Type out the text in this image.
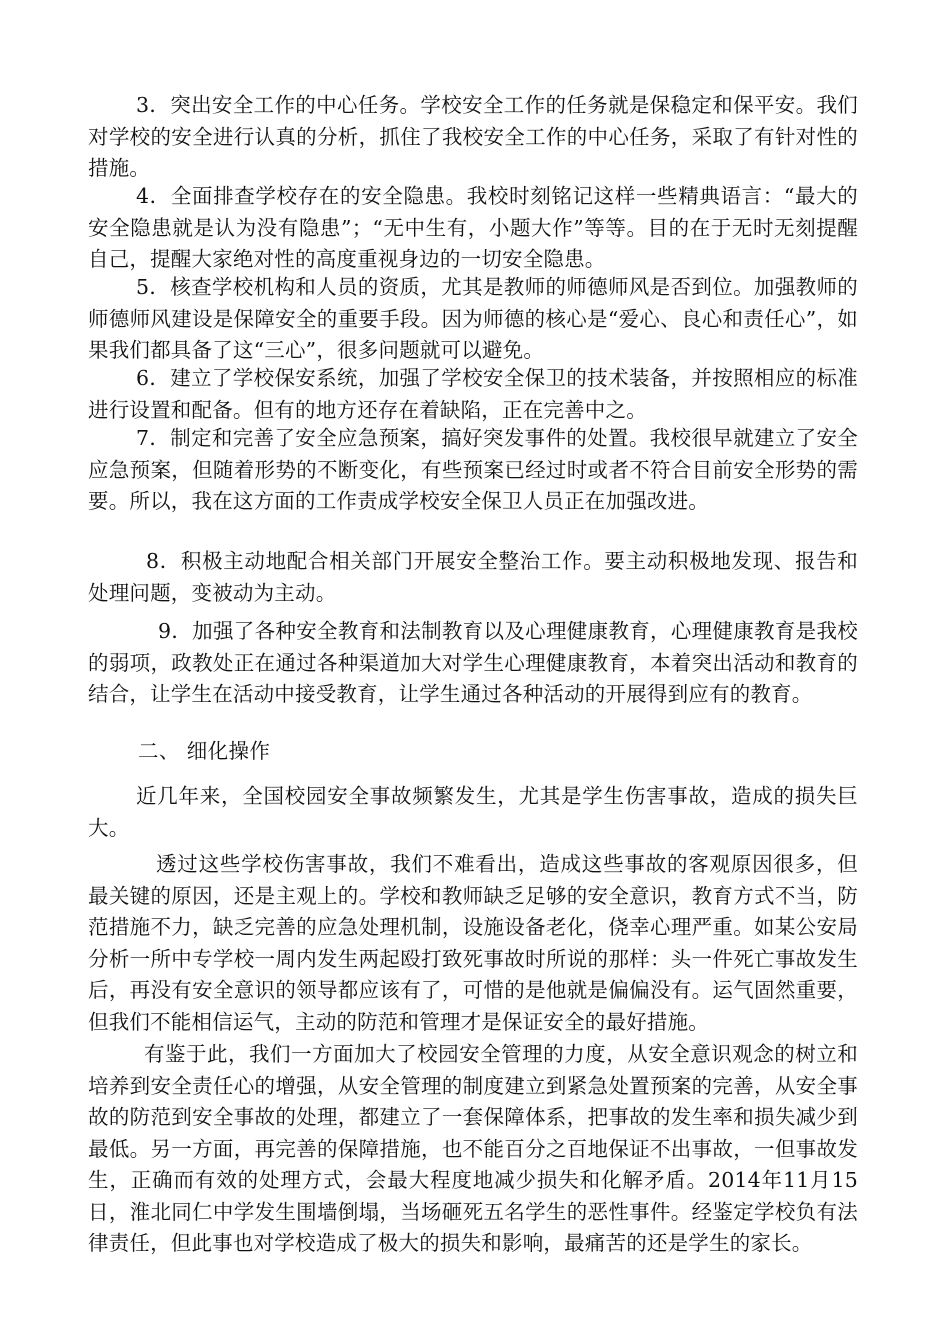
3．突出安全工作的中心任务。学校安全工作的任务就是保稳定和保平安。我们对学校的安全进行认真的分析，抓住了我校安全工作的中心任务，采取了有针对性的措施。

4．全面排查学校存在的安全隐患。我校时刻铭记这样一些精典语言：“最大的安全隐患就是认为没有隐患”；“无中生有，小题大作”等等。目的在于无时无刻提醒自己，提醒大家绝对性的高度重视身边的一切安全隐患。

5．核查学校机构和人员的资质，尤其是教师的师德师风是否到位。加强教师的师德师风建设是保障安全的重要手段。因为师德的核心是“爱心、良心和责任心”，如果我们都具备了这“三心”，很多问题就可以避免。

6．建立了学校保安系统，加强了学校安全保卫的技术装备，并按照相应的标准进行设置和配备。但有的地方还存在着缺陷，正在完善中之。

7．制定和完善了安全应急预案，搞好突发事件的处置。我校很早就建立了安全应急预案，但随着形势的不断变化，有些预案已经过时或者不符合目前安全形势的需要。所以，我在这方面的工作责成学校安全保卫人员正在加强改进。

8．积极主动地配合相关部门开展安全整治工作。要主动积极地发现、报告和处理问题，变被动为主动。

9．加强了各种安全教育和法制教育以及心理健康教育，心理健康教育是我校的弱项，政教处正在通过各种渠道加大对学生心理健康教育，本着突出活动和教育的结合，让学生在活动中接受教育，让学生通过各种活动的开展得到应有的教育。

二、 细化操作

近几年来，全国校园安全事故频繁发生，尤其是学生伤害事故，造成的损失巨大。

透过这些学校伤害事故，我们不难看出，造成这些事故的客观原因很多，但最关键的原因，还是主观上的。学校和教师缺乏足够的安全意识，教育方式不当，防范措施不力，缺乏完善的应急处理机制，设施设备老化，侥幸心理严重。如某公安局分析一所中专学校一周内发生两起殴打致死事故时所说的那样：头一件死亡事故发生后，再没有安全意识的领导都应该有了，可惜的是他就是偏偏没有。运气固然重要，但我们不能相信运气，主动的防范和管理才是保证安全的最好措施。

有鉴于此，我们一方面加大了校园安全管理的力度，从安全意识观念的树立和培养到安全责任心的增强，从安全管理的制度建立到紧急处置预案的完善，从安全事故的防范到安全事故的处理，都建立了一套保障体系，把事故的发生率和损失减少到最低。另一方面，再完善的保障措施，也不能百分之百地保证不出事故，一但事故发生，正确而有效的处理方式，会最大程度地减少损失和化解矛盾。2014年11月15日，淮北同仁中学发生围墙倒塌，当场砸死五名学生的恶性事件。经鉴定学校负有法律责任，但此事也对学校造成了极大的损失和影响，最痛苦的还是学生的家长。
